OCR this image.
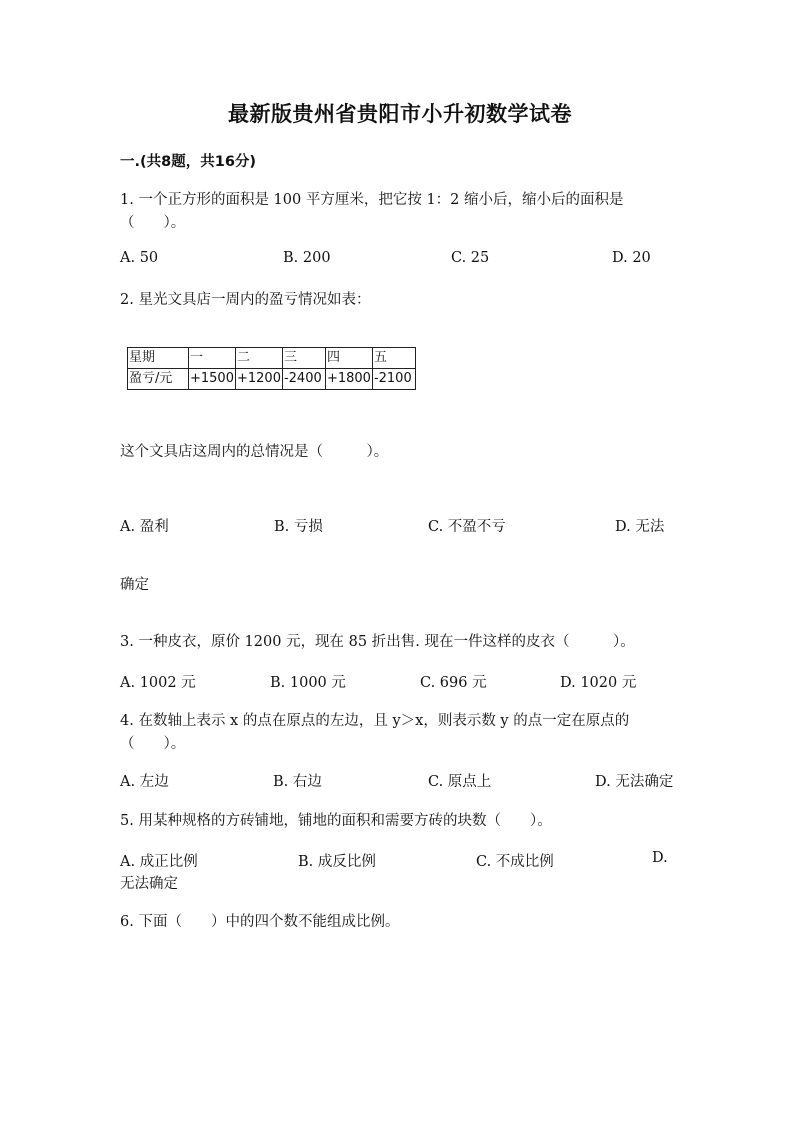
最新版贵州省贵阳市小升初数学试卷
一.(共8题，共16分)
1. 一个正方形的面积是 100 平方厘米，把它按 1：2 缩小后，缩小后的面积是
（　　）。
A. 50	B. 200	C. 25	D. 20
2. 星光文具店一周内的盈亏情况如表：
星期	一	二	三	四	五
盈亏/元	+1500	+1200	-2400	+1800	-2100
这个文具店这周内的总情况是（　　　）。
A. 盈利	B. 亏损	C. 不盈不亏	D. 无法
确定
3. 一种皮衣，原价 1200 元，现在 85 折出售. 现在一件这样的皮衣（　　　）。
A. 1002 元	B. 1000 元	C. 696 元	D. 1020 元
4. 在数轴上表示 x 的点在原点的左边，且 y＞x，则表示数 y 的点一定在原点的
（　　）。
A. 左边	B. 右边	C. 原点上	D. 无法确定
5. 用某种规格的方砖铺地，铺地的面积和需要方砖的块数（　　）。
A. 成正比例	B. 成反比例	C. 不成比例	D.
无法确定
6. 下面（　　）中的四个数不能组成比例。
